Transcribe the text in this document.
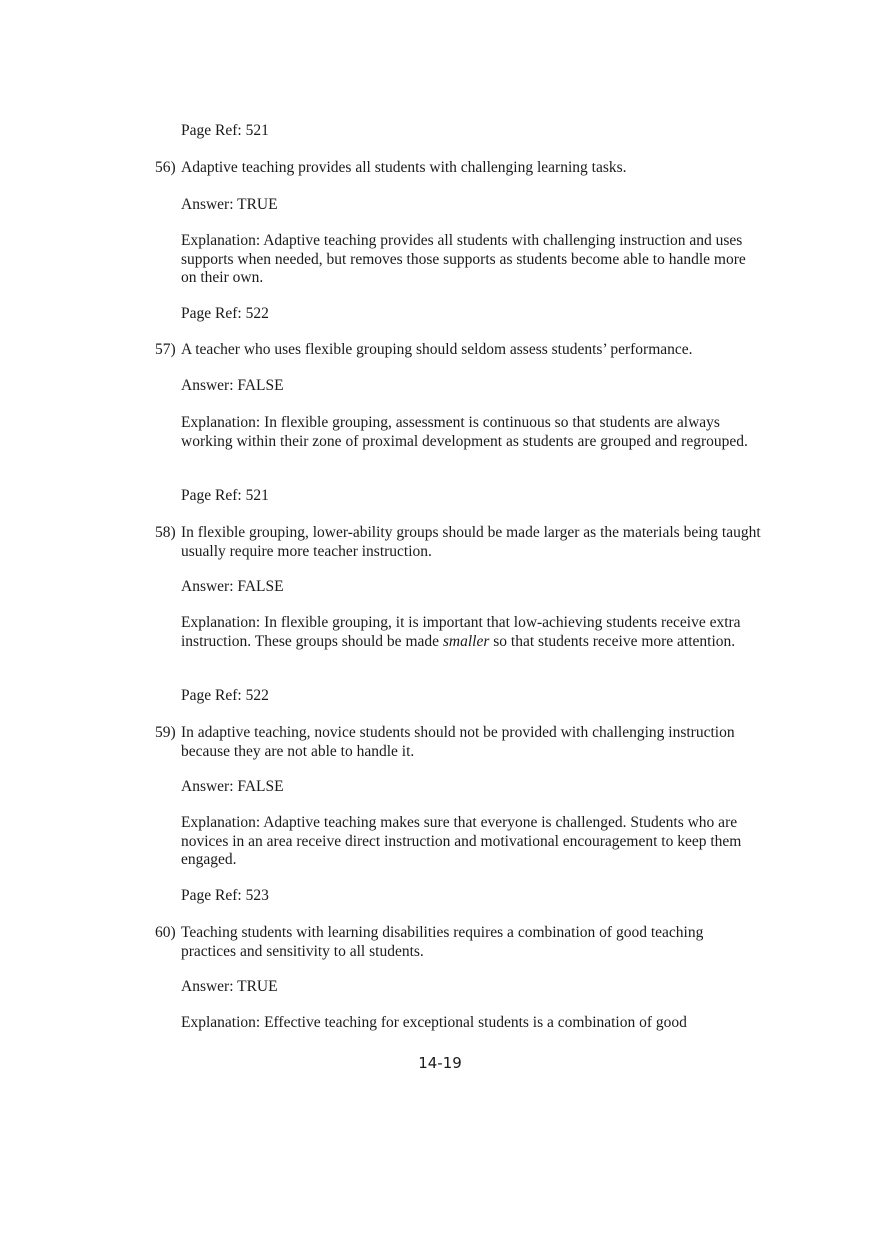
Page Ref: 521

56) Adaptive teaching provides all students with challenging learning tasks.

Answer: TRUE

Explanation: Adaptive teaching provides all students with challenging instruction and uses supports when needed, but removes those supports as students become able to handle more on their own.

Page Ref: 522

57) A teacher who uses flexible grouping should seldom assess students’ performance.

Answer: FALSE

Explanation: In flexible grouping, assessment is continuous so that students are always working within their zone of proximal development as students are grouped and regrouped.

Page Ref: 521

58) In flexible grouping, lower-ability groups should be made larger as the materials being taught usually require more teacher instruction.

Answer: FALSE

Explanation: In flexible grouping, it is important that low-achieving students receive extra instruction. These groups should be made smaller so that students receive more attention.

Page Ref: 522

59) In adaptive teaching, novice students should not be provided with challenging instruction because they are not able to handle it.

Answer: FALSE

Explanation: Adaptive teaching makes sure that everyone is challenged. Students who are novices in an area receive direct instruction and motivational encouragement to keep them engaged.

Page Ref: 523

60) Teaching students with learning disabilities requires a combination of good teaching practices and sensitivity to all students.

Answer: TRUE

Explanation: Effective teaching for exceptional students is a combination of good

14-19
